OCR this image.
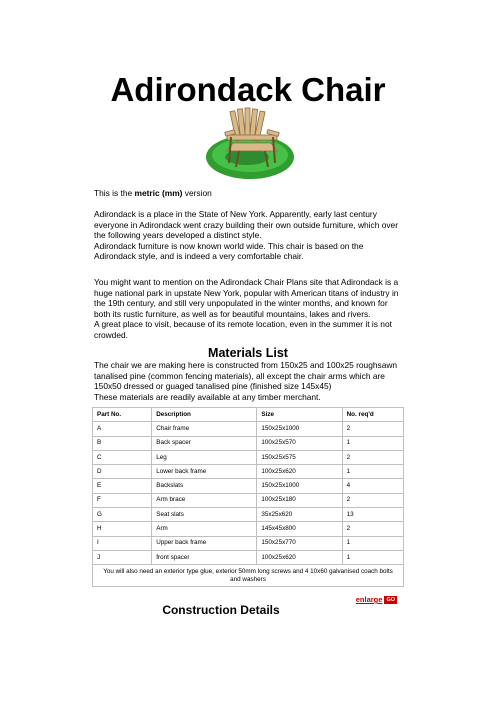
Adirondack Chair

This is the metric (mm) version

Adirondack is a place in the State of New York. Apparently, early last century everyone in Adirondack went crazy building their own outside furniture, which over the following years developed a distinct style.
Adirondack furniture is now known world wide. This chair is based on the Adirondack style, and is indeed a very comfortable chair.

You might want to mention on the Adirondack Chair Plans site that Adirondack is a huge national park in upstate New York, popular with American titans of industry in the 19th century, and still very unpopulated in the winter months, and known for both its rustic furniture, as well as for beautiful mountains, lakes and rivers.
A great place to visit, because of its remote location, even in the summer it is not crowded.

Materials List

The chair we are making here is constructed from 150x25 and 100x25 roughsawn tanalised pine (common fencing materials), all except the chair arms which are 150x50 dressed or guaged tanalised pine (finished size 145x45)
These materials are readily available at any timber merchant.

Part No.	Description	Size	No. req'd
A	Chair frame	150x25x1000	2
B	Back spacer	100x25x570	1
C	Leg	150x25x575	2
D	Lower back frame	100x25x620	1
E	Backslats	150x25x1000	4
F	Arm brace	100x25x180	2
G	Seat slats	35x25x620	13
H	Arm	145x45x800	2
I	Upper back frame	150x25x770	1
J	front spacer	100x25x620	1
You will also need an exterior type glue, exterior 50mm long screws and 4 10x60 galvanised coach bolts and washers			
enlarge GO
Construction Details
